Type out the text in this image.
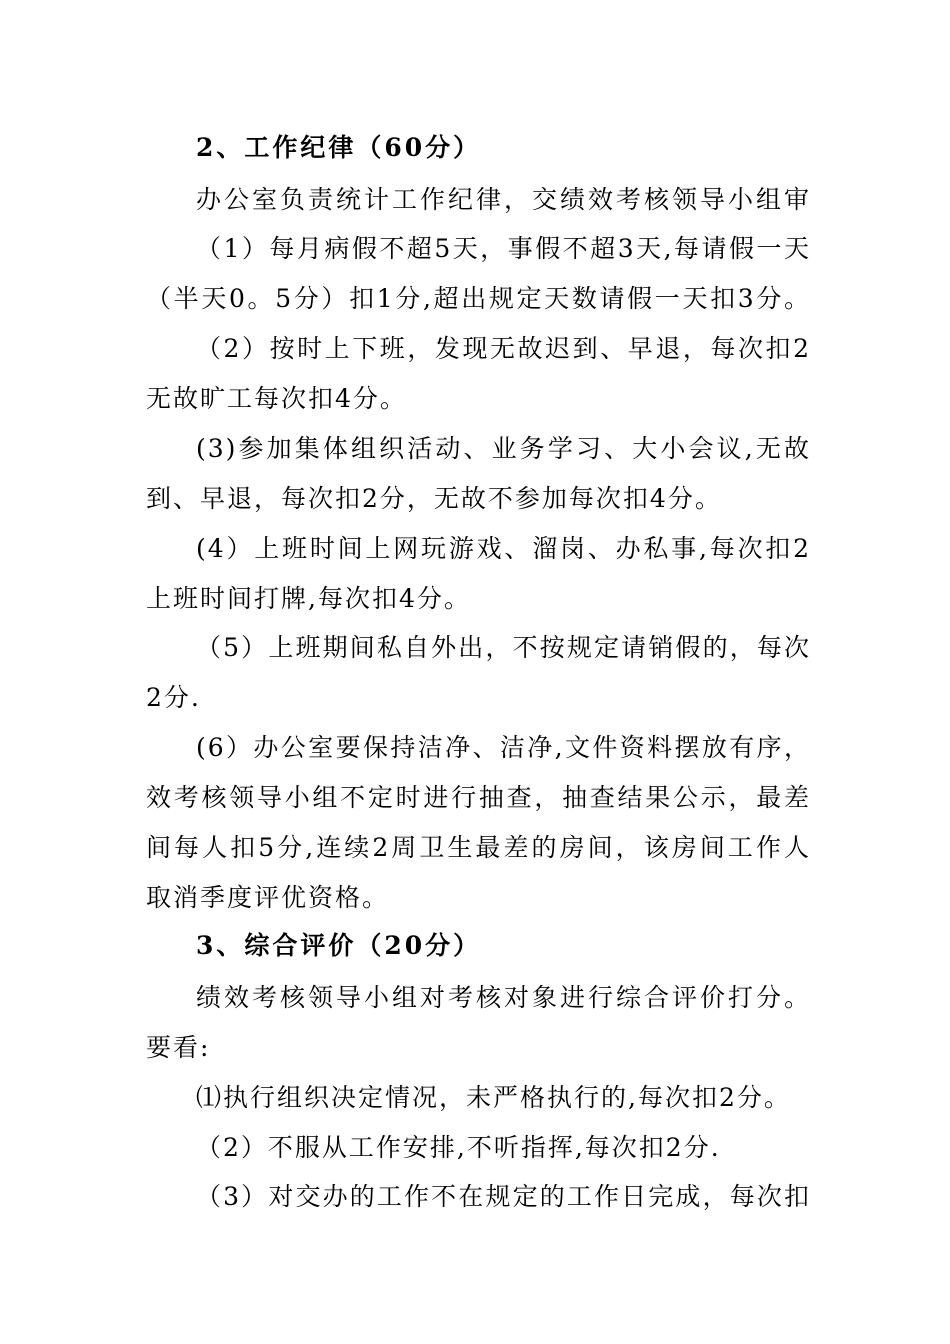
2、工作纪律（60分）
办公室负责统计工作纪律，交绩效考核领导小组审
（1）每月病假不超5天，事假不超3天,每请假一天
（半天0。5分）扣1分,超出规定天数请假一天扣3分。
（2）按时上下班，发现无故迟到、早退，每次扣2
无故旷工每次扣4分。
(3)参加集体组织活动、业务学习、大小会议,无故
到、早退，每次扣2分，无故不参加每次扣4分。
(4）上班时间上网玩游戏、溜岗、办私事,每次扣2
上班时间打牌,每次扣4分。
（5）上班期间私自外出，不按规定请销假的，每次
2分.
(6）办公室要保持洁净、洁净,文件资料摆放有序，
效考核领导小组不定时进行抽查，抽查结果公示，最差
间每人扣5分,连续2周卫生最差的房间，该房间工作人
取消季度评优资格。
3、综合评价（20分）
绩效考核领导小组对考核对象进行综合评价打分。
要看:
⑴执行组织决定情况，未严格执行的,每次扣2分。
（2）不服从工作安排,不听指挥,每次扣2分.
（3）对交办的工作不在规定的工作日完成，每次扣
